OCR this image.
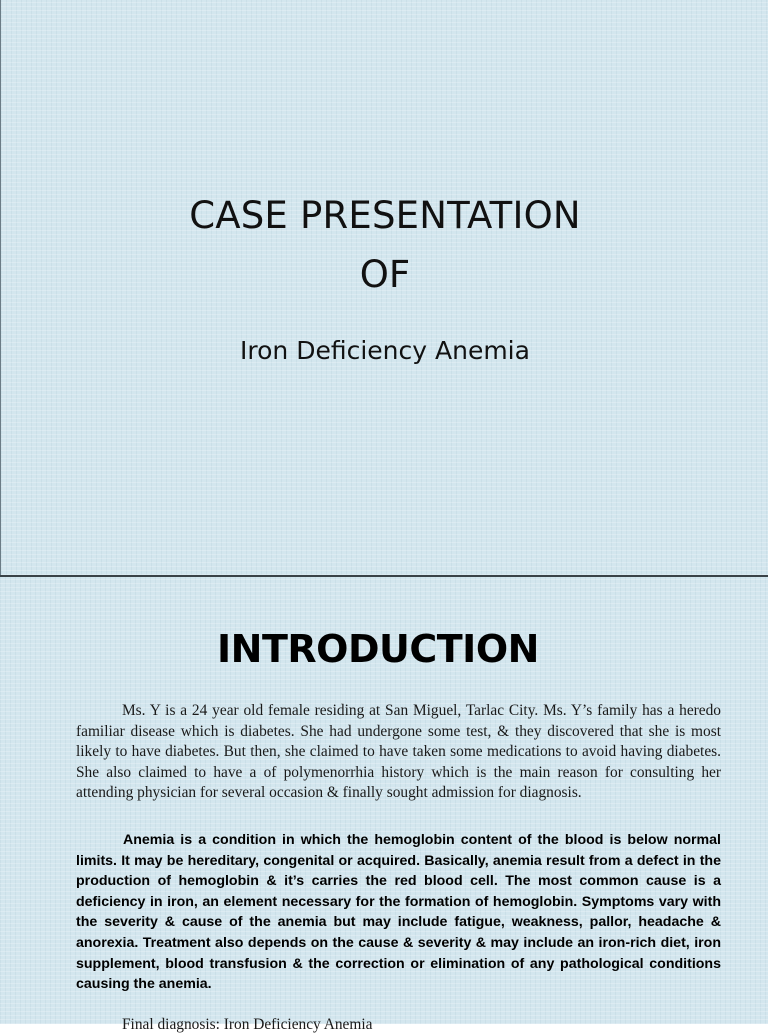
CASE PRESENTATION
OF
Iron Deficiency Anemia
INTRODUCTION

Ms. Y is a 24 year old female residing at San Miguel, Tarlac City. Ms. Y’s family has a heredo familiar disease which is diabetes. She had undergone some test, & they discovered that she is most likely to have diabetes. But then, she claimed to have taken some medications to avoid having diabetes. She also claimed to have a of polymenorrhia history which is the main reason for consulting her attending physician for several occasion & finally sought admission for diagnosis.

Anemia is a condition in which the hemoglobin content of the blood is below normal limits. It may be hereditary, congenital or acquired. Basically, anemia result from a defect in the production of hemoglobin & it’s carries the red blood cell. The most common cause is a deficiency in iron, an element necessary for the formation of hemoglobin. Symptoms vary with the severity & cause of the anemia but may include fatigue, weakness, pallor, headache & anorexia. Treatment also depends on the cause & severity & may include an iron-rich diet, iron supplement, blood transfusion & the correction or elimination of any pathological conditions causing the anemia.

Final diagnosis: Iron Deficiency Anemia
